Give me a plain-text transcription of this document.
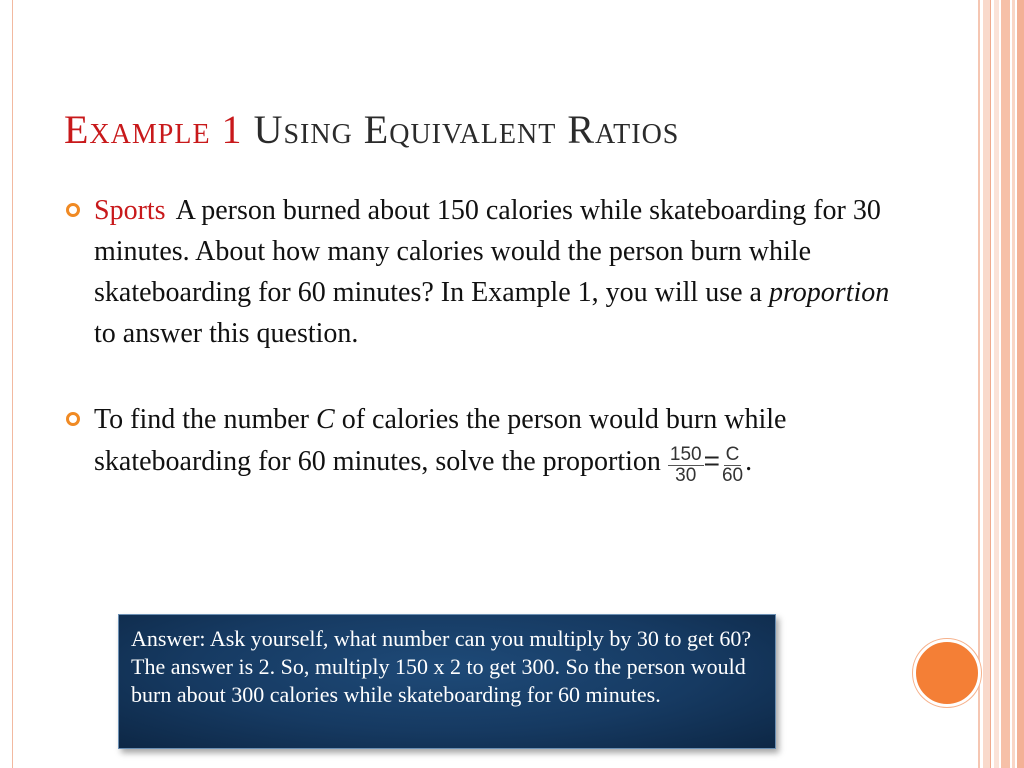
Example 1 Using Equivalent Ratios
Sports A person burned about 150 calories while skateboarding for 30 minutes. About how many calories would the person burn while skateboarding for 60 minutes? In Example 1, you will use a proportion to answer this question.
To find the number C of calories the person would burn while skateboarding for 60 minutes, solve the proportion $\frac{150}{30} = \frac{C}{60}$ .
Answer: Ask yourself, what number can you multiply by 30 to get 60? The answer is 2. So, multiply 150 x 2 to get 300. So the person would burn about 300 calories while skateboarding for 60 minutes.
